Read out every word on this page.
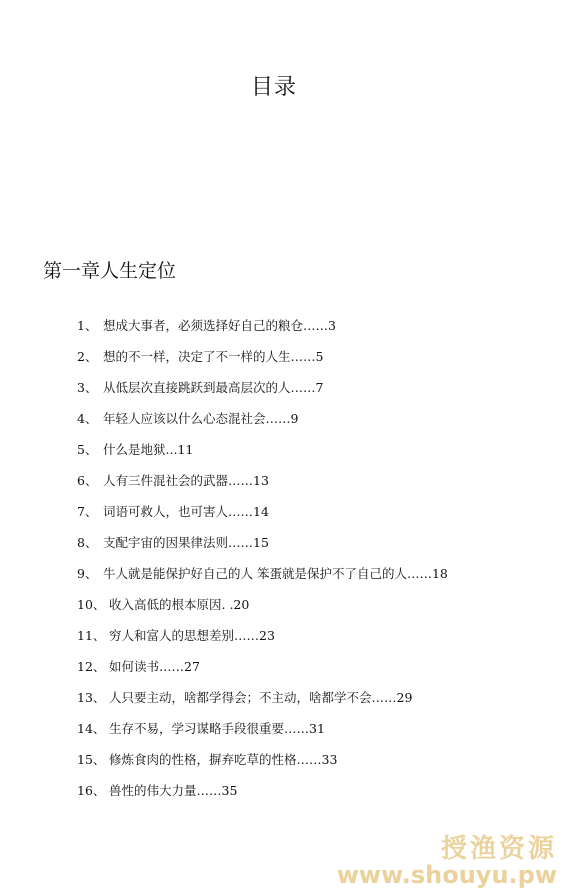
目录
第一章人生定位
1、 想成大事者，必须选择好自己的粮仓……3
2、 想的不一样，决定了不一样的人生……5
3、 从低层次直接跳跃到最高层次的人……7
4、 年轻人应该以什么心态混社会……9
5、 什么是地狱...11
6、 人有三件混社会的武器……13
7、 词语可救人，也可害人……14
8、 支配宇宙的因果律法则……15
9、 牛人就是能保护好自己的人 笨蛋就是保护不了自己的人……18
10、 收入高低的根本原因. .20
11、 穷人和富人的思想差别……23
12、 如何读书……27
13、 人只要主动，啥都学得会；不主动，啥都学不会……29
14、 生存不易，学习谋略手段很重要……31
15、 修炼食肉的性格，摒弃吃草的性格……33
16、 兽性的伟大力量……35
授渔资源
www.shouyu.pw
